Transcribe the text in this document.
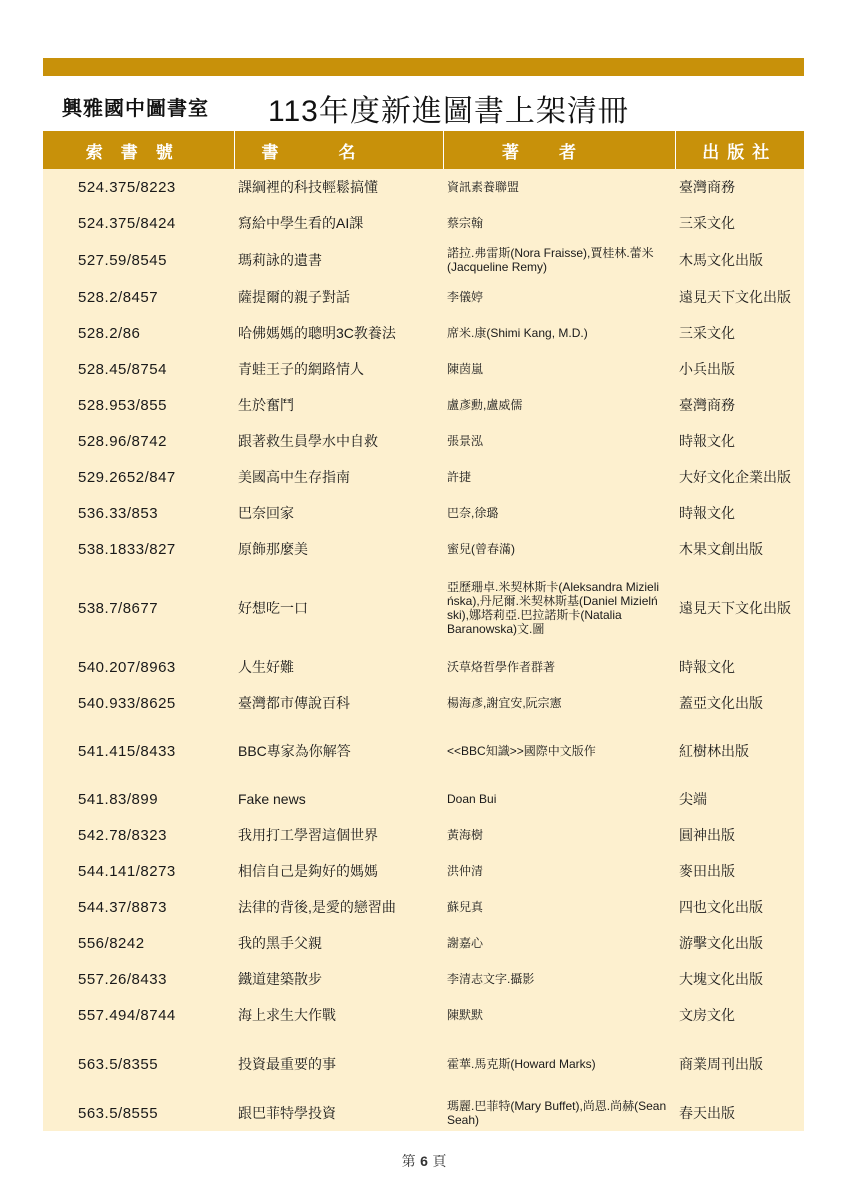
興雅國中圖書室 113年度新進圖書上架清冊
索書號	書名	著者	出版社
524.375/8223	課綱裡的科技輕鬆搞懂	資訊素養聯盟	臺灣商務
524.375/8424	寫給中學生看的AI課	蔡宗翰	三采文化
527.59/8545	瑪莉詠的遺書	諾拉.弗雷斯(Nora Fraisse),賈桂林.蕾米(Jacqueline Remy)	木馬文化出版
528.2/8457	薩提爾的親子對話	李儀婷	遠見天下文化出版
528.2/86	哈佛媽媽的聰明3C教養法	席米.康(Shimi Kang, M.D.)	三采文化
528.45/8754	青蛙王子的網路情人	陳茵嵐	小兵出版
528.953/855	生於奮鬥	盧彥勳,盧威儒	臺灣商務
528.96/8742	跟著救生員學水中自救	張景泓	時報文化
529.2652/847	美國高中生存指南	許捷	大好文化企業出版
536.33/853	巴奈回家	巴奈,徐璐	時報文化
538.1833/827	原飾那麼美	蜜兒(曾春滿)	木果文創出版
538.7/8677	好想吃一口	亞歷珊卓.米契林斯卡(Aleksandra Mizieli ńska),丹尼爾.米契林斯基(Daniel Mizielń ski),娜塔莉亞.巴拉諾斯卡(Natalia Baranowska)文.圖	遠見天下文化出版
540.207/8963	人生好難	沃草烙哲學作者群著	時報文化
540.933/8625	臺灣都市傳說百科	楊海彥,謝宜安,阮宗憲	蓋亞文化出版
541.415/8433	BBC專家為你解答	<<BBC知識>>國際中文版作	紅樹林出版
541.83/899	Fake news	Doan Bui	尖端
542.78/8323	我用打工學習這個世界	黃海樹	圓神出版
544.141/8273	相信自己是夠好的媽媽	洪仲清	麥田出版
544.37/8873	法律的背後,是愛的戀習曲	蘇兒真	四也文化出版
556/8242	我的黑手父親	謝嘉心	游擊文化出版
557.26/8433	鐵道建築散步	李清志文字.攝影	大塊文化出版
557.494/8744	海上求生大作戰	陳默默	文房文化
563.5/8355	投資最重要的事	霍華.馬克斯(Howard Marks)	商業周刊出版
563.5/8555	跟巴菲特學投資	瑪麗.巴菲特(Mary Buffet),尚恩.尚赫(Sean Seah)	春天出版
第 6 頁
